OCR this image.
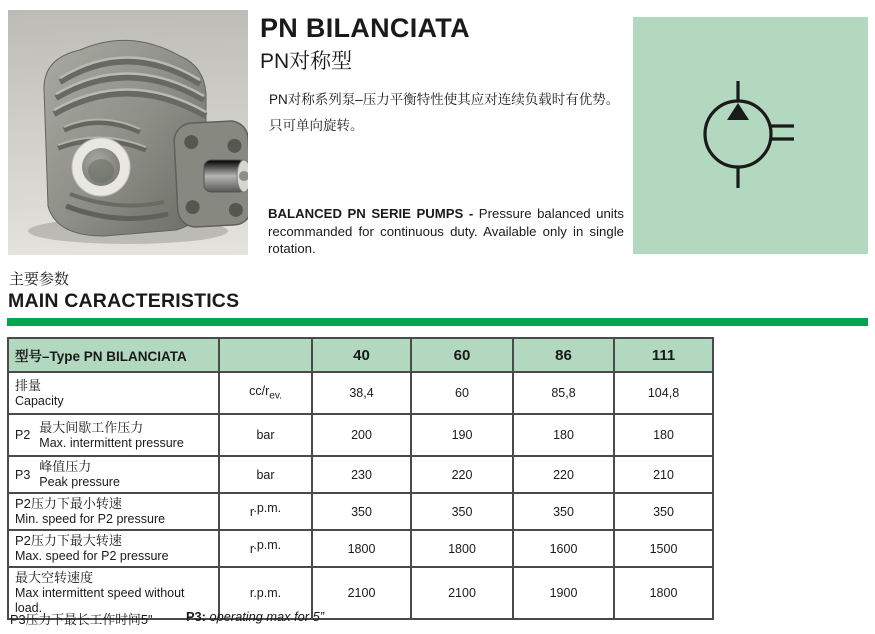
PN BILANCIATA
PN对称型
PN对称系列泵–压力平衡特性使其应对连续负载时有优势。
只可单向旋转。
BALANCED PN SERIE PUMPS - Pressure balanced units recommanded for continuous duty. Available only in single rotation.
主要参数
MAIN CARACTERISTICS
型号–Type PN BILANCIATA		40	60	86	111

排量
Capacity	$cc/r_{ev.}$	38,4	60	85,8	104,8

P2
最大间歇工作压力
Max. intermittent pressure	bar	200	190	180	180

P3
峰值压力
Peak pressure	bar	230	220	220	210

P2压力下最小转速
Min. speed for P2 pressure	r.p.m.	350	350	350	350

P2压力下最大转速
Max. speed for P2 pressure	r.p.m.	1800	1800	1600	1500

最大空转速度
Max intermittent speed without load.	r.p.m.	2100	2100	1900	1800
P3压力下最长工作时间5"	P3: operating max for 5”
